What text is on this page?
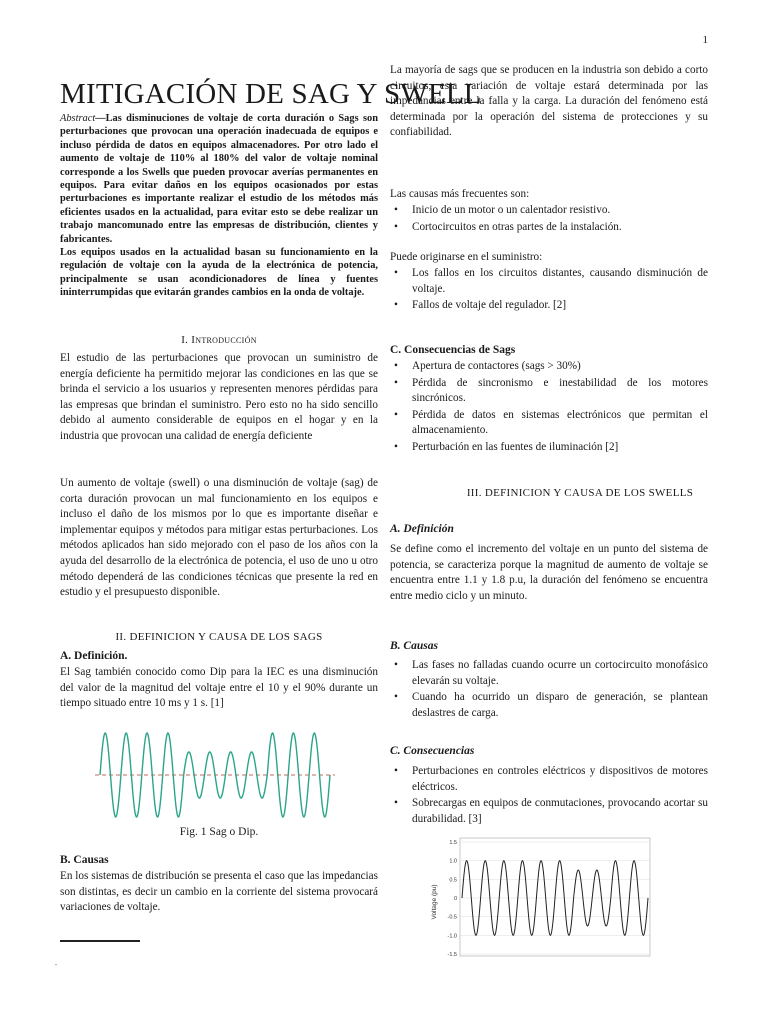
1
MITIGACIÓN DE SAG Y SWELL
Abstract—Las disminuciones de voltaje de corta duración o Sags son perturbaciones que provocan una operación inadecuada de equipos e incluso pérdida de datos en equipos almacenadores. Por otro lado el aumento de voltaje de 110% al 180% del valor de voltaje nominal corresponde a los Swells que pueden provocar averías permanentes en equipos. Para evitar daños en los equipos ocasionados por estas perturbaciones es importante realizar el estudio de los métodos más eficientes usados en la actualidad, para evitar esto se debe realizar un trabajo mancomunado entre las empresas de distribución, clientes y fabricantes.
Los equipos usados en la actualidad basan su funcionamiento en la regulación de voltaje con la ayuda de la electrónica de potencia, principalmente se usan acondicionadores de línea y fuentes ininterrumpidas que evitarán grandes cambios en la onda de voltaje.
I. Introducción
El estudio de las perturbaciones que provocan un suministro de energía deficiente ha permitido mejorar las condiciones en las que se brinda el servicio a los usuarios y representen menores pérdidas para las empresas que brindan el suministro. Pero esto no ha sido sencillo debido al aumento considerable de equipos en el hogar y en la industria que provocan una calidad de energía deficiente
Un aumento de voltaje (swell) o una disminución de voltaje (sag) de corta duración provocan un mal funcionamiento en los equipos e incluso el daño de los mismos por lo que es importante diseñar e implementar equipos y métodos para mitigar estas perturbaciones. Los métodos aplicados han sido mejorado con el paso de los años con la ayuda del desarrollo de la electrónica de potencia, el uso de uno u otro método dependerá de las condiciones técnicas que presente la red en estudio y el presupuesto disponible.
II. DEFINICION Y CAUSA DE LOS SAGS
A. Definición.
El Sag también conocido como Dip para la IEC es una disminución del valor de la magnitud del voltaje entre el 10 y el 90% durante un tiempo situado entre 10 ms y 1 s. [1]
Fig. 1 Sag o Dip.
B. Causas
En los sistemas de distribución se presenta el caso que las impedancias son distintas, es decir un cambio en la corriente del sistema provocará variaciones de voltaje.
.
La mayoría de sags que se producen en la industria son debido a corto circuitos, esta variación de voltaje estará determinada por las impedancias entre la falla y la carga. La duración del fenómeno está determinada por la operación del sistema de protecciones y su confiabilidad.
Las causas más frecuentes son:
• Inicio de un motor o un calentador resistivo.
• Cortocircuitos en otras partes de la instalación.
Puede originarse en el suministro:
• Los fallos en los circuitos distantes, causando disminución de voltaje.
• Fallos de voltaje del regulador. [2]
C. Consecuencias de Sags
• Apertura de contactores (sags > 30%)
• Pérdida de sincronismo e inestabilidad de los motores sincrónicos.
• Pérdida de datos en sistemas electrónicos que permitan el almacenamiento.
• Perturbación en las fuentes de iluminación [2]
III. DEFINICION Y CAUSA DE LOS SWELLS
A. Definición
Se define como el incremento del voltaje en un punto del sistema de potencia, se caracteriza porque la magnitud de aumento de voltaje se encuentra entre 1.1 y 1.8 p.u, la duración del fenómeno se encuentra entre medio ciclo y un minuto.
B. Causas
• Las fases no falladas cuando ocurre un cortocircuito monofásico elevarán su voltaje.
• Cuando ha ocurrido un disparo de generación, se plantean deslastres de carga.
C. Consecuencias
• Perturbaciones en controles eléctricos y dispositivos de motores eléctricos.
• Sobrecargas en equipos de conmutaciones, provocando acortar su durabilidad. [3]
Voltage (pu)
1.5
1.0
0.5
0
-0.5
-1.0
-1.5
